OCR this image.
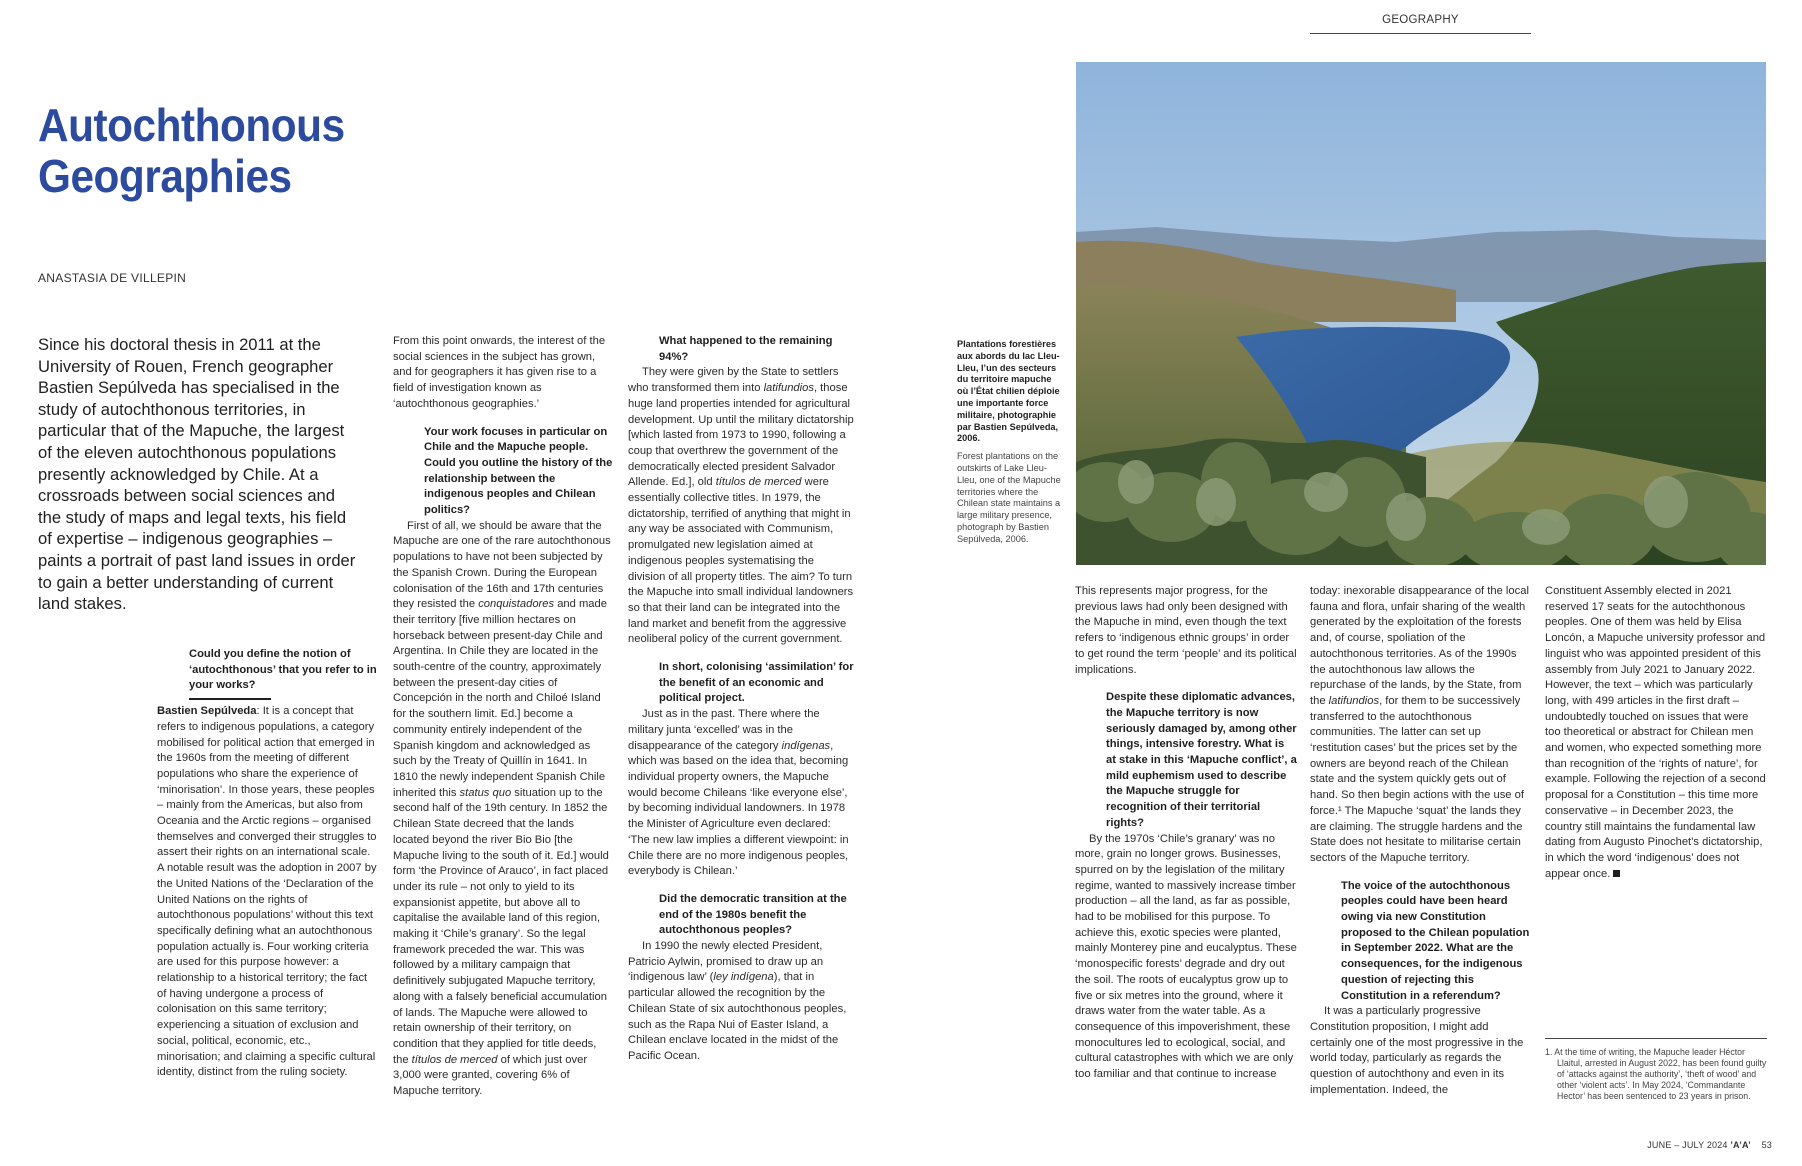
Autochthonous
Geographies
ANASTASIA DE VILLEPIN

Since his doctoral thesis in 2011 at the University of Rouen, French geographer Bastien Sepúlveda has specialised in the study of autochthonous territories, in particular that of the Mapuche, the largest of the eleven autochthonous populations presently acknowledged by Chile. At a crossroads between social sciences and the study of maps and legal texts, his field of expertise – indigenous geographies – paints a portrait of past land issues in order to gain a better understanding of current land stakes.

Could you define the notion of ‘autochthonous’ that you refer to in your works?

Bastien Sepúlveda: It is a concept that refers to indigenous populations, a category mobilised for political action that emerged in the 1960s from the meeting of different populations who share the experience of ‘minorisation’. In those years, these peoples – mainly from the Americas, but also from Oceania and the Arctic regions – organised themselves and converged their struggles to assert their rights on an international scale. A notable result was the adoption in 2007 by the United Nations of the ‘Declaration of the United Nations on the rights of autochthonous populations’ without this text specifically defining what an autochthonous population actually is. Four working criteria are used for this purpose however: a relationship to a historical territory; the fact of having undergone a process of colonisation on this same territory; experiencing a situation of exclusion and social, political, economic, etc., minorisation; and claiming a specific cultural identity, distinct from the ruling society.

From this point onwards, the interest of the social sciences in the subject has grown, and for geographers it has given rise to a field of investigation known as ‘autochthonous geographies.’

Your work focuses in particular on Chile and the Mapuche people. Could you outline the history of the relationship between the indigenous peoples and Chilean politics?

First of all, we should be aware that the Mapuche are one of the rare autochthonous populations to have not been subjected by the Spanish Crown. During the European colonisation of the 16th and 17th centuries they resisted the conquistadores and made their territory [five million hectares on horseback between present-day Chile and Argentina. In Chile they are located in the south-centre of the country, approximately between the present-day cities of Concepción in the north and Chiloé Island for the southern limit. Ed.] become a community entirely independent of the Spanish kingdom and acknowledged as such by the Treaty of Quillín in 1641. In 1810 the newly independent Spanish Chile inherited this status quo situation up to the second half of the 19th century. In 1852 the Chilean State decreed that the lands located beyond the river Bio Bio [the Mapuche living to the south of it. Ed.] would form ‘the Province of Arauco’, in fact placed under its rule – not only to yield to its expansionist appetite, but above all to capitalise the available land of this region, making it ‘Chile’s granary’. So the legal framework preceded the war. This was followed by a military campaign that definitively subjugated Mapuche territory, along with a falsely beneficial accumulation of lands. The Mapuche were allowed to retain ownership of their territory, on condition that they applied for title deeds, the títulos de merced of which just over 3,000 were granted, covering 6% of Mapuche territory.

What happened to the remaining 94%?

They were given by the State to settlers who transformed them into latifundios, those huge land properties intended for agricultural development. Up until the military dictatorship [which lasted from 1973 to 1990, following a coup that overthrew the government of the democratically elected president Salvador Allende. Ed.], old títulos de merced were essentially collective titles. In 1979, the dictatorship, terrified of anything that might in any way be associated with Communism, promulgated new legislation aimed at indigenous peoples systematising the division of all property titles. The aim? To turn the Mapuche into small individual landowners so that their land can be integrated into the land market and benefit from the aggressive neoliberal policy of the current government.

In short, colonising ‘assimilation’ for the benefit of an economic and political project.

Just as in the past. There where the military junta ‘excelled’ was in the disappearance of the category indígenas, which was based on the idea that, becoming individual property owners, the Mapuche would become Chileans ‘like everyone else’, by becoming individual landowners. In 1978 the Minister of Agriculture even declared: ‘The new law implies a different viewpoint: in Chile there are no more indigenous peoples, everybody is Chilean.’

Did the democratic transition at the end of the 1980s benefit the autochthonous peoples?

In 1990 the newly elected President, Patricio Aylwin, promised to draw up an ‘indigenous law’ (ley indígena), that in particular allowed the recognition by the Chilean State of six autochthonous peoples, such as the Rapa Nui of Easter Island, a Chilean enclave located in the midst of the Pacific Ocean.

GEOGRAPHY

Plantations forestières aux abords du lac Lleu-Lleu, l’un des secteurs du territoire mapuche où l’État chilien déploie une importante force militaire, photographie par Bastien Sepúlveda, 2006.

Forest plantations on the outskirts of Lake Lleu-Lleu, one of the Mapuche territories where the Chilean state maintains a large military presence, photograph by Bastien Sepúlveda, 2006.

This represents major progress, for the previous laws had only been designed with the Mapuche in mind, even though the text refers to ‘indigenous ethnic groups’ in order to get round the term ‘people’ and its political implications.

Despite these diplomatic advances, the Mapuche territory is now seriously damaged by, among other things, intensive forestry. What is at stake in this ‘Mapuche conflict’, a mild euphemism used to describe the Mapuche struggle for recognition of their territorial rights?

By the 1970s ‘Chile’s granary’ was no more, grain no longer grows. Businesses, spurred on by the legislation of the military regime, wanted to massively increase timber production – all the land, as far as possible, had to be mobilised for this purpose. To achieve this, exotic species were planted, mainly Monterey pine and eucalyptus. These ‘monospecific forests’ degrade and dry out the soil. The roots of eucalyptus grow up to five or six metres into the ground, where it draws water from the water table. As a consequence of this impoverishment, these monocultures led to ecological, social, and cultural catastrophes with which we are only too familiar and that continue to increase

today: inexorable disappearance of the local fauna and flora, unfair sharing of the wealth generated by the exploitation of the forests and, of course, spoliation of the autochthonous territories. As of the 1990s the autochthonous law allows the repurchase of the lands, by the State, from the latifundios, for them to be successively transferred to the autochthonous communities. The latter can set up ‘restitution cases’ but the prices set by the owners are beyond reach of the Chilean state and the system quickly gets out of hand. So then begin actions with the use of force.¹ The Mapuche ‘squat’ the lands they are claiming. The struggle hardens and the State does not hesitate to militarise certain sectors of the Mapuche territory.

The voice of the autochthonous peoples could have been heard owing via new Constitution proposed to the Chilean population in September 2022. What are the consequences, for the indigenous question of rejecting this Constitution in a referendum?

It was a particularly progressive Constitution proposition, I might add certainly one of the most progressive in the world today, particularly as regards the question of autochthony and even in its implementation. Indeed, the

Constituent Assembly elected in 2021 reserved 17 seats for the autochthonous peoples. One of them was held by Elisa Loncón, a Mapuche university professor and linguist who was appointed president of this assembly from July 2021 to January 2022. However, the text – which was particularly long, with 499 articles in the first draft – undoubtedly touched on issues that were too theoretical or abstract for Chilean men and women, who expected something more than recognition of the ‘rights of nature’, for example. Following the rejection of a second proposal for a Constitution – this time more conservative – in December 2023, the country still maintains the fundamental law dating from Augusto Pinochet’s dictatorship, in which the word ‘indigenous’ does not appear once.

1. At the time of writing, the Mapuche leader Héctor Llaitul, arrested in August 2022, has been found guilty of ‘attacks against the authority’, ‘theft of wood’ and other ‘violent acts’. In May 2024, ‘Commandante Hector’ has been sentenced to 23 years in prison.

JUNE – JULY 2024 ’A’A’ 53
